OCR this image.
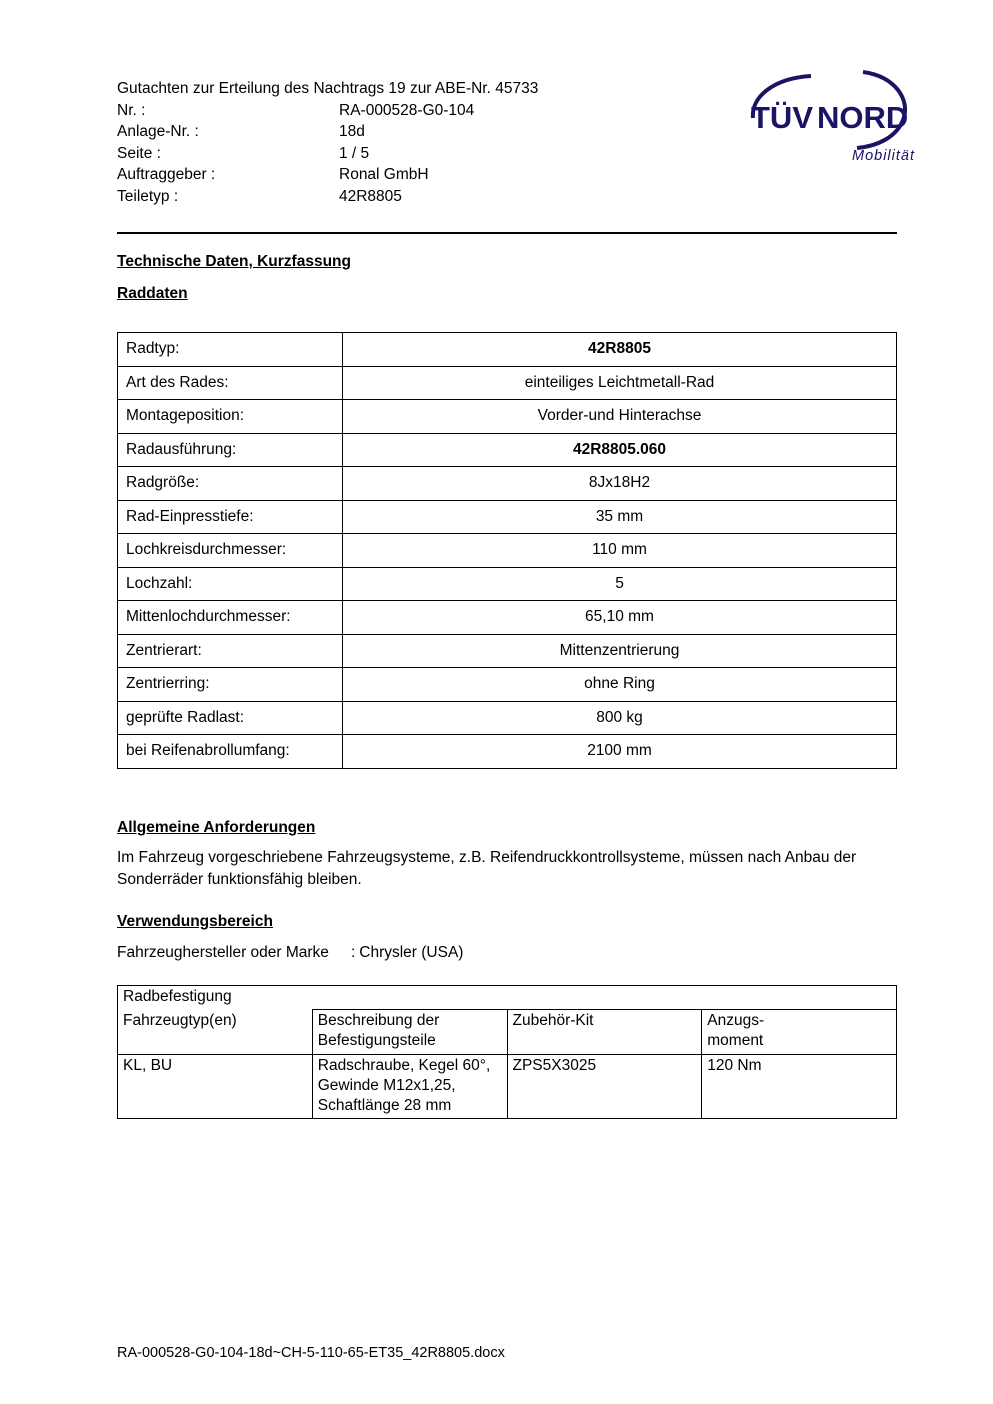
Gutachten zur Erteilung des Nachtrags 19 zur ABE-Nr. 45733
Nr. :	RA-000528-G0-104
Anlage-Nr. :	18d
Seite :	1 / 5
Auftraggeber :	Ronal GmbH
Teiletyp :	42R8805
TÜV NORD
Mobilität
Technische Daten, Kurzfassung
Raddaten
Radtyp:	42R8805
Art des Rades:	einteiliges Leichtmetall-Rad
Montageposition:	Vorder-und Hinterachse
Radausführung:	42R8805.060
Radgröße:	8Jx18H2
Rad-Einpresstiefe:	35 mm
Lochkreisdurchmesser:	110 mm
Lochzahl:	5
Mittenlochdurchmesser:	65,10 mm
Zentrierart:	Mittenzentrierung
Zentrierring:	ohne Ring
geprüfte Radlast:	800 kg
bei Reifenabrollumfang:	2100 mm
Allgemeine Anforderungen
Im Fahrzeug vorgeschriebene Fahrzeugsysteme, z.B. Reifendruckkontrollsysteme, müssen nach Anbau der Sonderräder funktionsfähig bleiben.
Verwendungsbereich
Fahrzeughersteller oder Marke : Chrysler (USA)
Radbefestigung			
Fahrzeugtyp(en)	Beschreibung der Befestigungsteile	Zubehör-Kit	Anzugs-
moment
KL, BU	Radschraube, Kegel 60°, Gewinde M12x1,25, Schaftlänge 28 mm	ZPS5X3025	120 Nm
RA-000528-G0-104-18d~CH-5-110-65-ET35_42R8805.docx
